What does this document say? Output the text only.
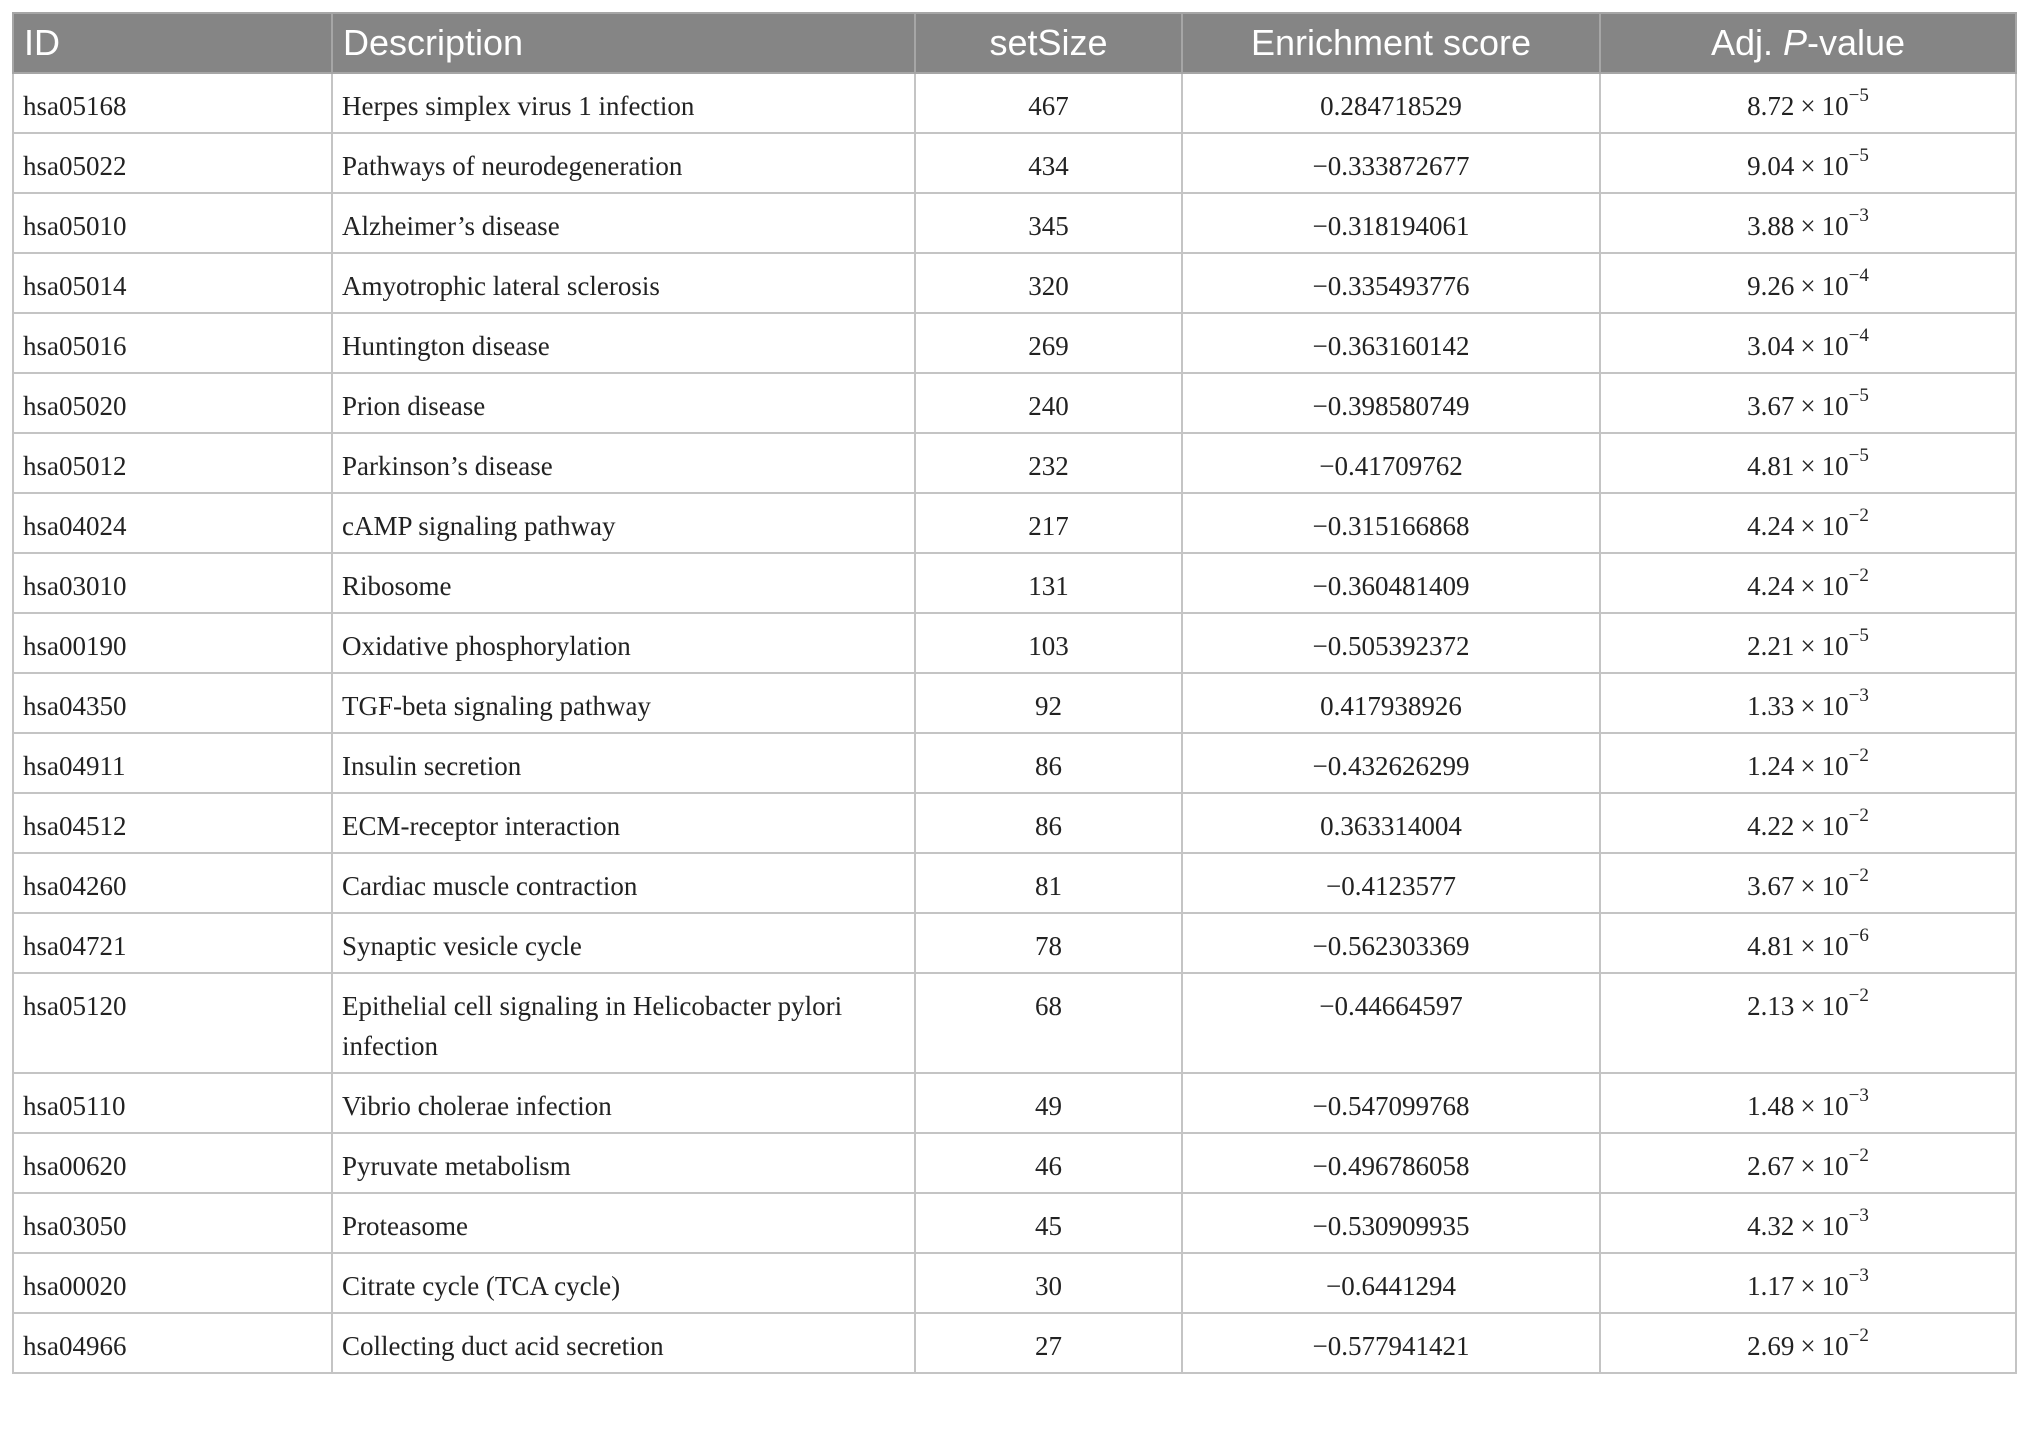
ID	Description	setSize	Enrichment score	Adj. P-value
hsa05168	Herpes simplex virus 1 infection	467	0.284718529	$8.72 \times 10^{-5}$
hsa05022	Pathways of neurodegeneration	434	−0.333872677	$9.04 \times 10^{-5}$
hsa05010	Alzheimer’s disease	345	−0.318194061	$3.88 \times 10^{-3}$
hsa05014	Amyotrophic lateral sclerosis	320	−0.335493776	$9.26 \times 10^{-4}$
hsa05016	Huntington disease	269	−0.363160142	$3.04 \times 10^{-4}$
hsa05020	Prion disease	240	−0.398580749	$3.67 \times 10^{-5}$
hsa05012	Parkinson’s disease	232	−0.41709762	$4.81 \times 10^{-5}$
hsa04024	cAMP signaling pathway	217	−0.315166868	$4.24 \times 10^{-2}$
hsa03010	Ribosome	131	−0.360481409	$4.24 \times 10^{-2}$
hsa00190	Oxidative phosphorylation	103	−0.505392372	$2.21 \times 10^{-5}$
hsa04350	TGF-beta signaling pathway	92	0.417938926	$1.33 \times 10^{-3}$
hsa04911	Insulin secretion	86	−0.432626299	$1.24 \times 10^{-2}$
hsa04512	ECM-receptor interaction	86	0.363314004	$4.22 \times 10^{-2}$
hsa04260	Cardiac muscle contraction	81	−0.4123577	$3.67 \times 10^{-2}$
hsa04721	Synaptic vesicle cycle	78	−0.562303369	$4.81 \times 10^{-6}$
hsa05120	Epithelial cell signaling in Helicobacter pylori infection	68	−0.44664597	$2.13 \times 10^{-2}$
hsa05110	Vibrio cholerae infection	49	−0.547099768	$1.48 \times 10^{-3}$
hsa00620	Pyruvate metabolism	46	−0.496786058	$2.67 \times 10^{-2}$
hsa03050	Proteasome	45	−0.530909935	$4.32 \times 10^{-3}$
hsa00020	Citrate cycle (TCA cycle)	30	−0.6441294	$1.17 \times 10^{-3}$
hsa04966	Collecting duct acid secretion	27	−0.577941421	$2.69 \times 10^{-2}$
